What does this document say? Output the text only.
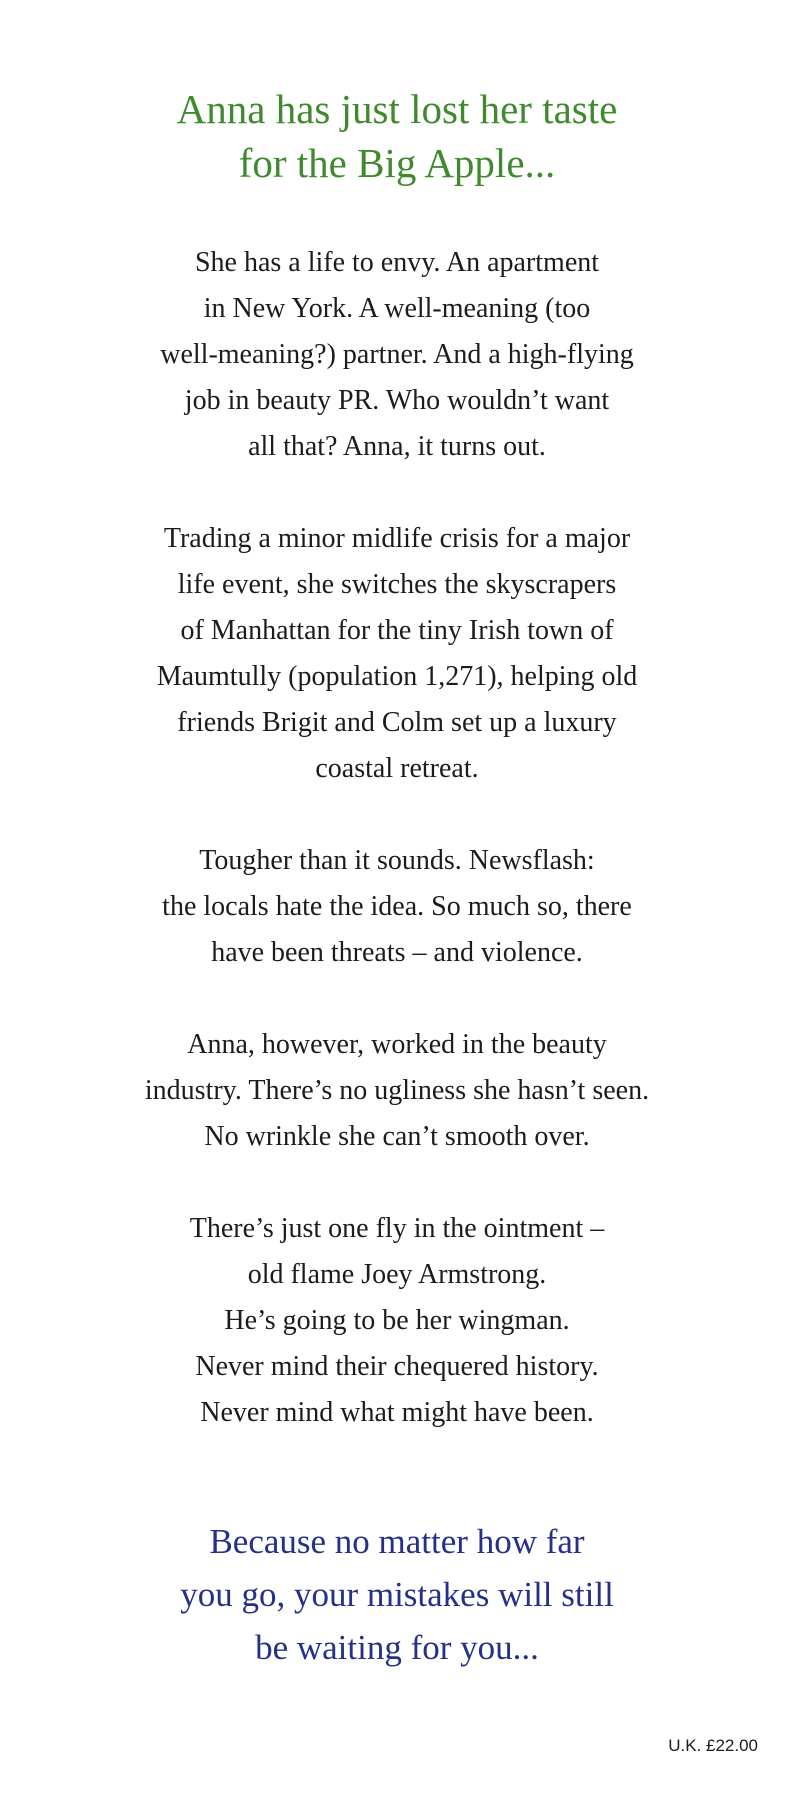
Anna has just lost her taste
for the Big Apple...

She has a life to envy. An apartment
in New York. A well-meaning (too
well-meaning?) partner. And a high-flying
job in beauty PR. Who wouldn’t want
all that? Anna, it turns out.

Trading a minor midlife crisis for a major
life event, she switches the skyscrapers
of Manhattan for the tiny Irish town of
Maumtully (population 1,271), helping old
friends Brigit and Colm set up a luxury
coastal retreat.

Tougher than it sounds. Newsflash:
the locals hate the idea. So much so, there
have been threats – and violence.

Anna, however, worked in the beauty
industry. There’s no ugliness she hasn’t seen.
No wrinkle she can’t smooth over.

There’s just one fly in the ointment –
old flame Joey Armstrong.
He’s going to be her wingman.
Never mind their chequered history.
Never mind what might have been.

Because no matter how far
you go, your mistakes will still
be waiting for you...
U.K. £22.00
